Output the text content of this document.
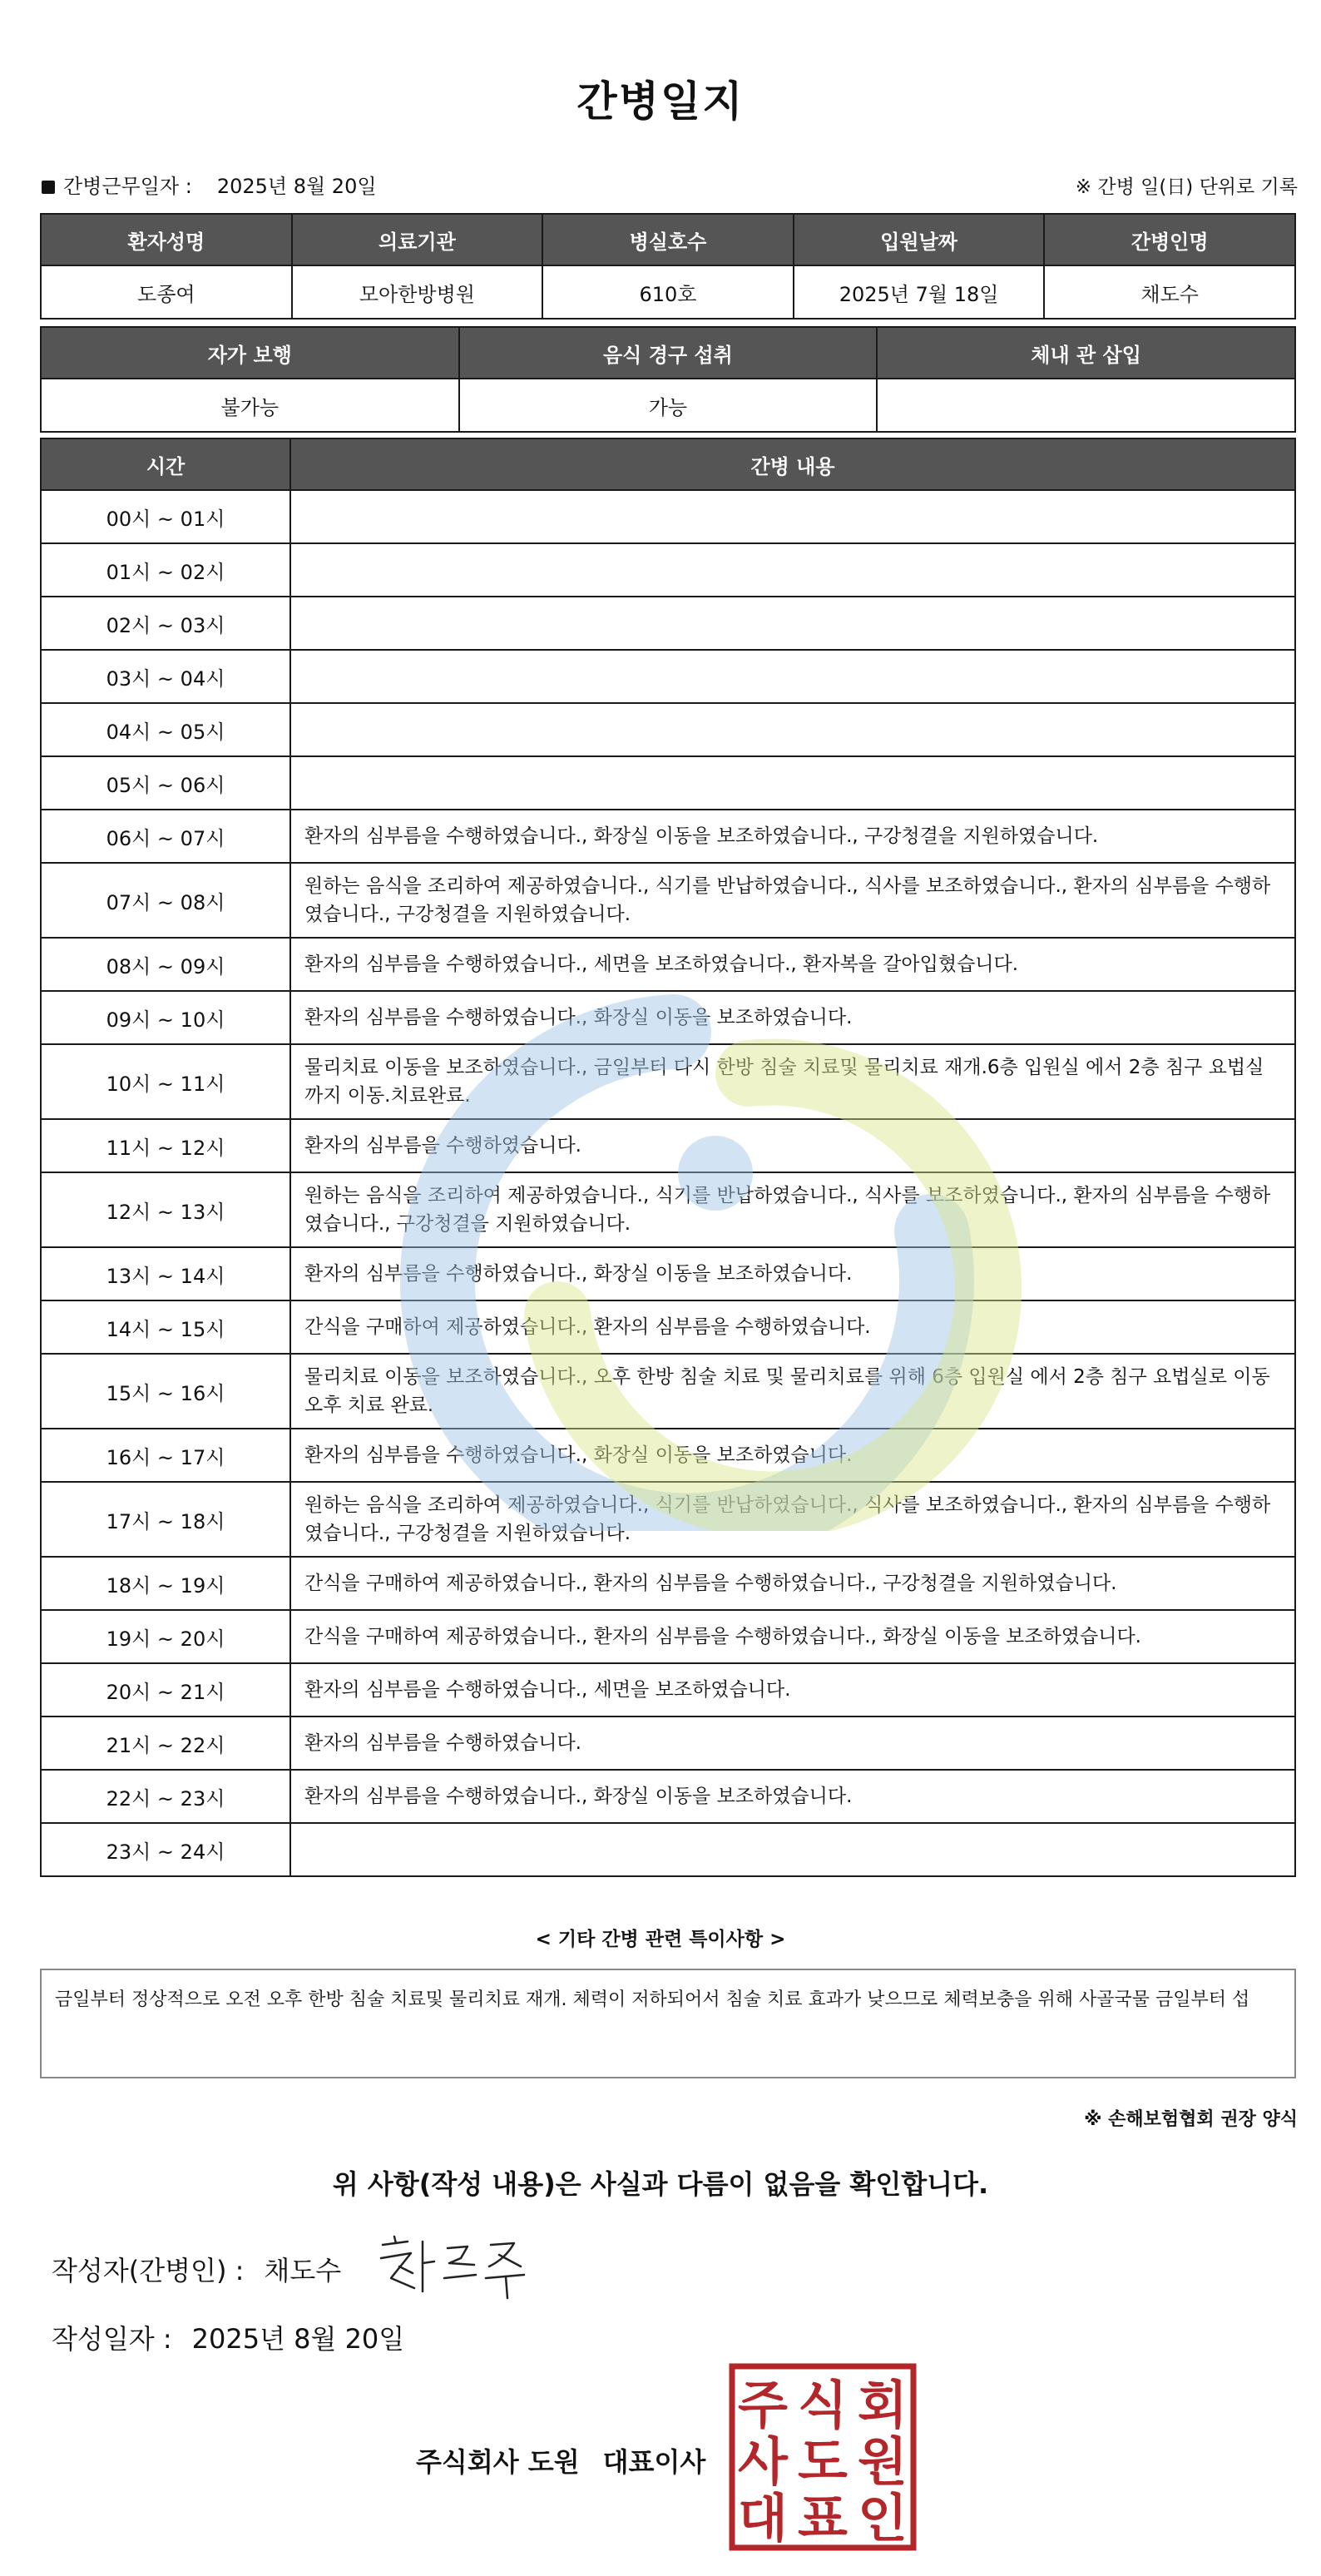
간병일지
간병근무일자 : 2025년 8월 20일	※ 간병 일(日) 단위로 기록
환자성명	의료기관	병실호수	입원날짜	간병인명
도종여	모아한방병원	610호	2025년 7월 18일	채도수
자가 보행	음식 경구 섭취	체내 관 삽입
불가능	가능	
시간	간병 내용
00시 ~ 01시	
01시 ~ 02시	
02시 ~ 03시	
03시 ~ 04시	
04시 ~ 05시	
05시 ~ 06시	
06시 ~ 07시	환자의 심부름을 수행하였습니다., 화장실 이동을 보조하였습니다., 구강청결을 지원하였습니다.
07시 ~ 08시	원하는 음식을 조리하여 제공하였습니다., 식기를 반납하였습니다., 식사를 보조하였습니다., 환자의 심부름을 수행하였습니다., 구강청결을 지원하였습니다.
08시 ~ 09시	환자의 심부름을 수행하였습니다., 세면을 보조하였습니다., 환자복을 갈아입혔습니다.
09시 ~ 10시	환자의 심부름을 수행하였습니다., 화장실 이동을 보조하였습니다.
10시 ~ 11시	물리치료 이동을 보조하였습니다., 금일부터 다시 한방 침술 치료및 물리치료 재개.6층 입원실 에서 2층 침구 요법실 까지 이동.치료완료.
11시 ~ 12시	환자의 심부름을 수행하였습니다.
12시 ~ 13시	원하는 음식을 조리하여 제공하였습니다., 식기를 반납하였습니다., 식사를 보조하였습니다., 환자의 심부름을 수행하였습니다., 구강청결을 지원하였습니다.
13시 ~ 14시	환자의 심부름을 수행하였습니다., 화장실 이동을 보조하였습니다.
14시 ~ 15시	간식을 구매하여 제공하였습니다., 환자의 심부름을 수행하였습니다.
15시 ~ 16시	물리치료 이동을 보조하였습니다., 오후 한방 침술 치료 및 물리치료를 위해 6층 입원실 에서 2층 침구 요법실로 이동 오후 치료 완료.
16시 ~ 17시	환자의 심부름을 수행하였습니다., 화장실 이동을 보조하였습니다.
17시 ~ 18시	원하는 음식을 조리하여 제공하였습니다., 식기를 반납하였습니다., 식사를 보조하였습니다., 환자의 심부름을 수행하였습니다., 구강청결을 지원하였습니다.
18시 ~ 19시	간식을 구매하여 제공하였습니다., 환자의 심부름을 수행하였습니다., 구강청결을 지원하였습니다.
19시 ~ 20시	간식을 구매하여 제공하였습니다., 환자의 심부름을 수행하였습니다., 화장실 이동을 보조하였습니다.
20시 ~ 21시	환자의 심부름을 수행하였습니다., 세면을 보조하였습니다.
21시 ~ 22시	환자의 심부름을 수행하였습니다.
22시 ~ 23시	환자의 심부름을 수행하였습니다., 화장실 이동을 보조하였습니다.
23시 ~ 24시	
< 기타 간병 관련 특이사항 >
금일부터 정상적으로 오전 오후 한방 침술 치료및 물리치료 재개. 체력이 저하되어서 침술 치료 효과가 낮으므로 체력보충을 위해 사골국물 금일부터 섭
※ 손해보험협회 권장 양식
위 사항(작성 내용)은 사실과 다름이 없음을 확인합니다.
작성자(간병인) : 채도수
작성일자 : 2025년 8월 20일
주식회사 도원 대표이사
주 식 회
사 도 원
대 표 인
